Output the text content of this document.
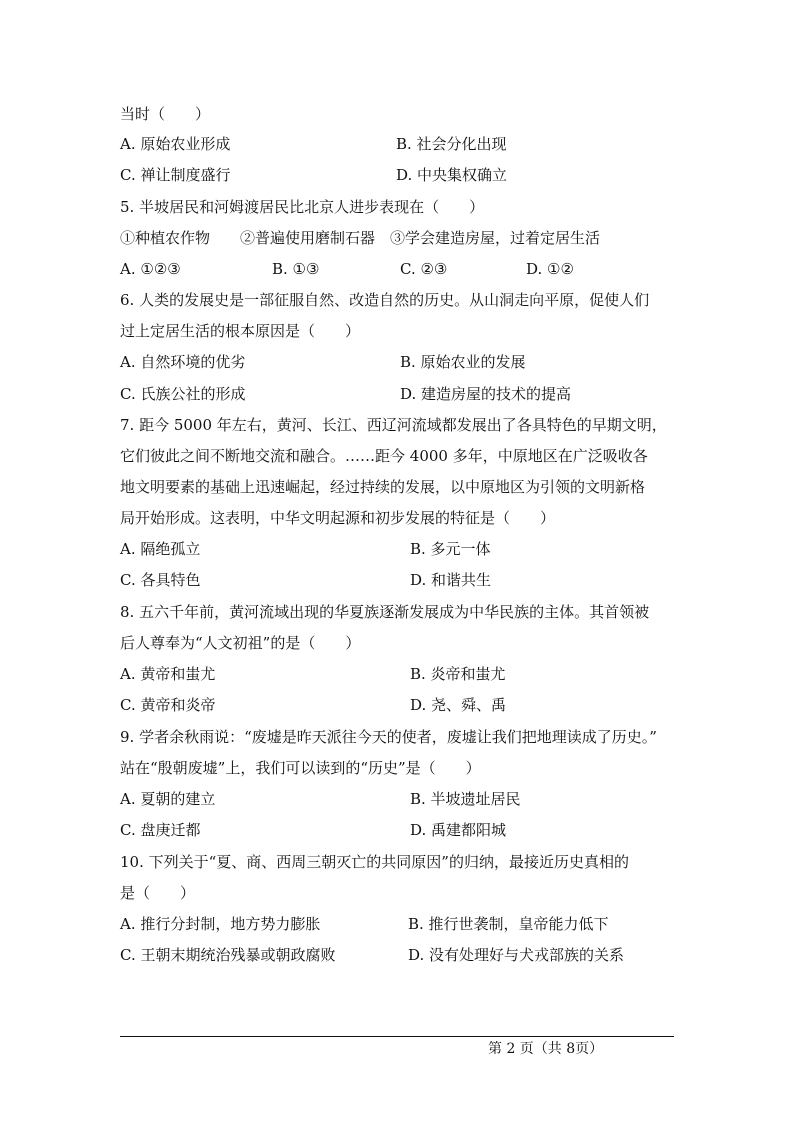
当时（　　）
A. 原始农业形成	B. 社会分化出现
C. 禅让制度盛行	D. 中央集权确立
5. 半坡居民和河姆渡居民比北京人进步表现在（　　）
①种植农作物　　②普遍使用磨制石器　③学会建造房屋，过着定居生活
A. ①②③	B. ①③	C. ②③	D. ①②
6. 人类的发展史是一部征服自然、改造自然的历史。从山洞走向平原，促使人们
过上定居生活的根本原因是（　　）
A. 自然环境的优劣	B. 原始农业的发展
C. 氏族公社的形成	D. 建造房屋的技术的提高
7. 距今 5000 年左右，黄河、长江、西辽河流域都发展出了各具特色的早期文明，
它们彼此之间不断地交流和融合。……距今 4000 多年，中原地区在广泛吸收各
地文明要素的基础上迅速崛起，经过持续的发展，以中原地区为引领的文明新格
局开始形成。这表明，中华文明起源和初步发展的特征是（　　）
A. 隔绝孤立	B. 多元一体
C. 各具特色	D. 和谐共生
8. 五六千年前，黄河流域出现的华夏族逐渐发展成为中华民族的主体。其首领被
后人尊奉为“人文初祖”的是（　　）
A. 黄帝和蚩尤	B. 炎帝和蚩尤
C. 黄帝和炎帝	D. 尧、舜、禹
9. 学者余秋雨说：“废墟是昨天派往今天的使者，废墟让我们把地理读成了历史。”
站在“殷朝废墟”上，我们可以读到的“历史”是（　　）
A. 夏朝的建立	B. 半坡遗址居民
C. 盘庚迁都	D. 禹建都阳城
10. 下列关于“夏、商、西周三朝灭亡的共同原因”的归纳，最接近历史真相的
是（　　）
A. 推行分封制，地方势力膨胀	B. 推行世袭制，皇帝能力低下
C. 王朝末期统治残暴或朝政腐败	D. 没有处理好与犬戎部族的关系
第 2 页（共 8页）
